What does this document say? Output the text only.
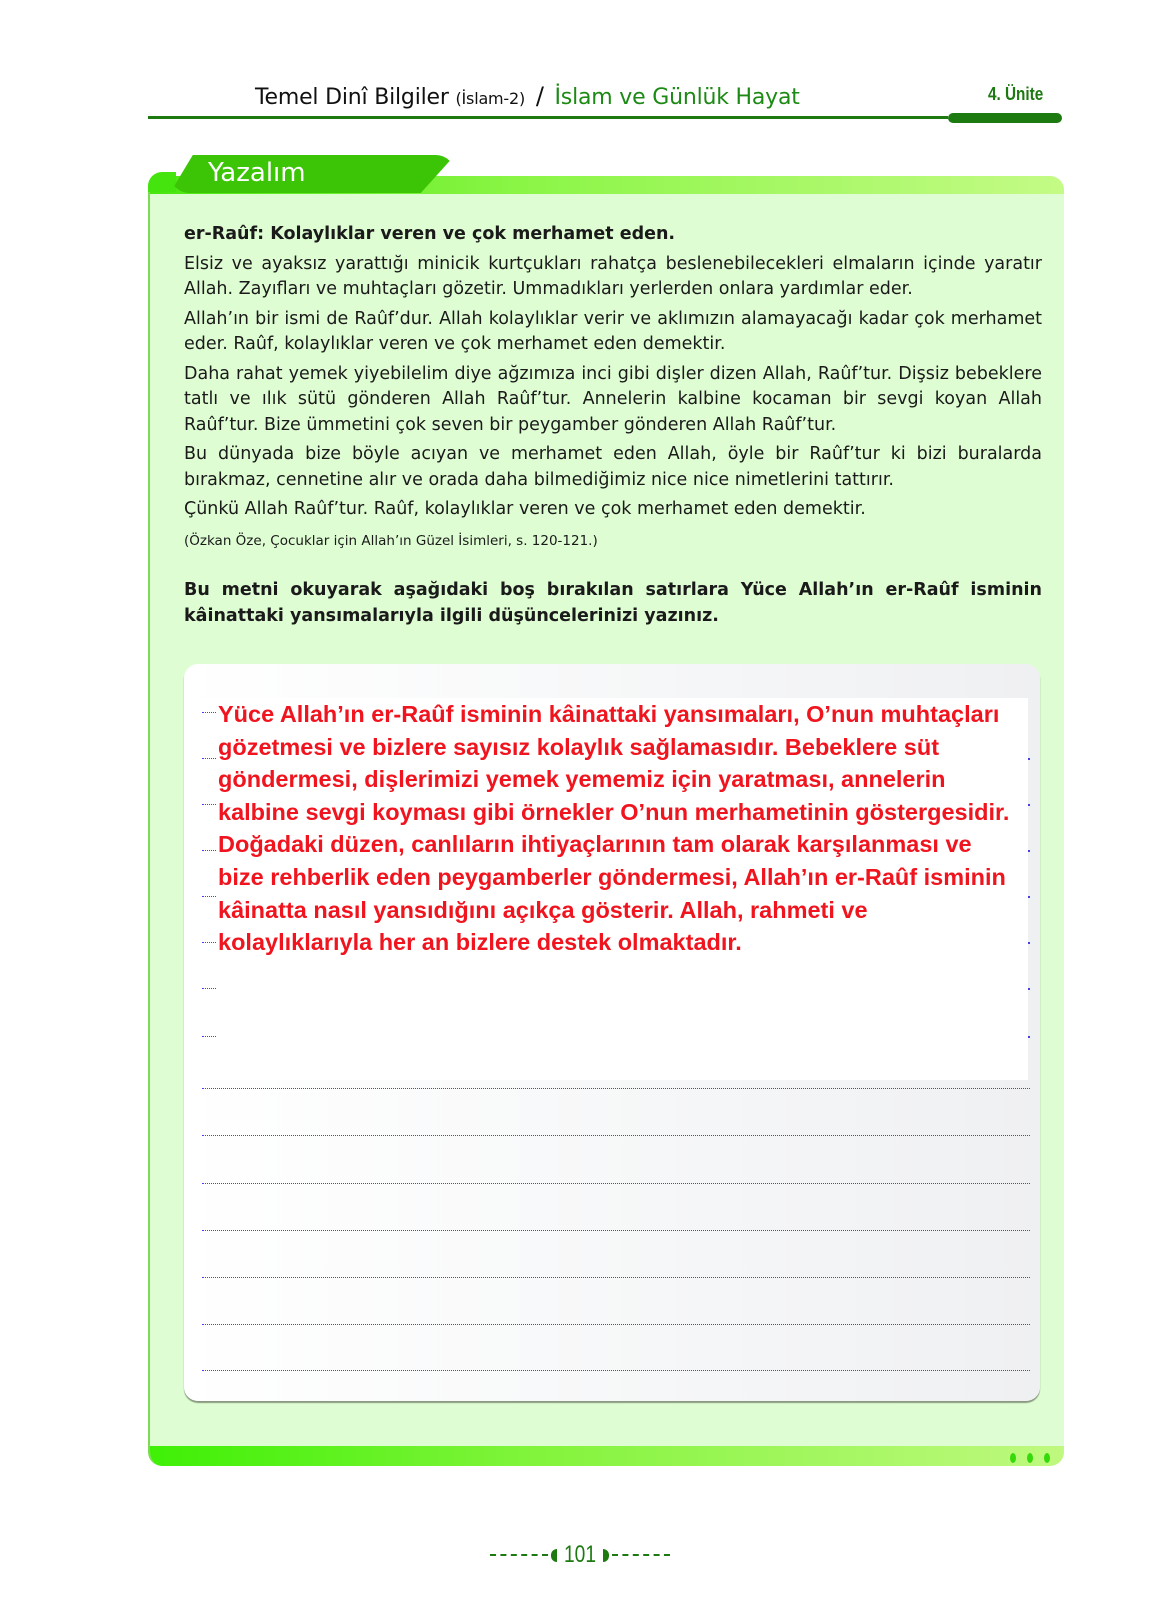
Temel Dinî Bilgiler (İslam-2) / İslam ve Günlük Hayat	4. Ünite
Yazalım

er-Raûf: Kolaylıklar veren ve çok merhamet eden.

Elsiz ve ayaksız yarattığı minicik kurtçukları rahatça beslenebilecekleri elmaların içinde yaratır Allah. Zayıfları ve muhtaçları gözetir. Ummadıkları yerlerden onlara yardımlar eder.

Allah’ın bir ismi de Raûf’dur. Allah kolaylıklar verir ve aklımızın alamayacağı kadar çok merhamet eder. Raûf, kolaylıklar veren ve çok merhamet eden demektir.

Daha rahat yemek yiyebilelim diye ağzımıza inci gibi dişler dizen Allah, Raûf’tur. Dişsiz bebeklere tatlı ve ılık sütü gönderen Allah Raûf’tur. Annelerin kalbine kocaman bir sevgi koyan Allah Raûf’tur. Bize ümmetini çok seven bir peygamber gönderen Allah Raûf’tur.

Bu dünyada bize böyle acıyan ve merhamet eden Allah, öyle bir Raûf’tur ki bizi buralarda bırakmaz, cennetine alır ve orada daha bilmediğimiz nice nice nimetlerini tattırır.

Çünkü Allah Raûf’tur. Raûf, kolaylıklar veren ve çok merhamet eden demektir.

(Özkan Öze, Çocuklar için Allah’ın Güzel İsimleri, s. 120-121.)

Bu metni okuyarak aşağıdaki boş bırakılan satırlara Yüce Allah’ın er-Raûf isminin kâinattaki yansımalarıyla ilgili düşüncelerinizi yazınız.

Yüce Allah’ın er-Raûf isminin kâinattaki yansımaları, O’nun muhtaçları gözetmesi ve bizlere sayısız kolaylık sağlamasıdır. Bebeklere süt göndermesi, dişlerimizi yemek yememiz için yaratması, annelerin kalbine sevgi koyması gibi örnekler O’nun merhametinin göstergesidir. Doğadaki düzen, canlıların ihtiyaçlarının tam olarak karşılanması ve bize rehberlik eden peygamberler göndermesi, Allah’ın er-Raûf isminin kâinatta nasıl yansıdığını açıkça gösterir. Allah, rahmeti ve kolaylıklarıyla her an bizlere destek olmaktadır.
101
